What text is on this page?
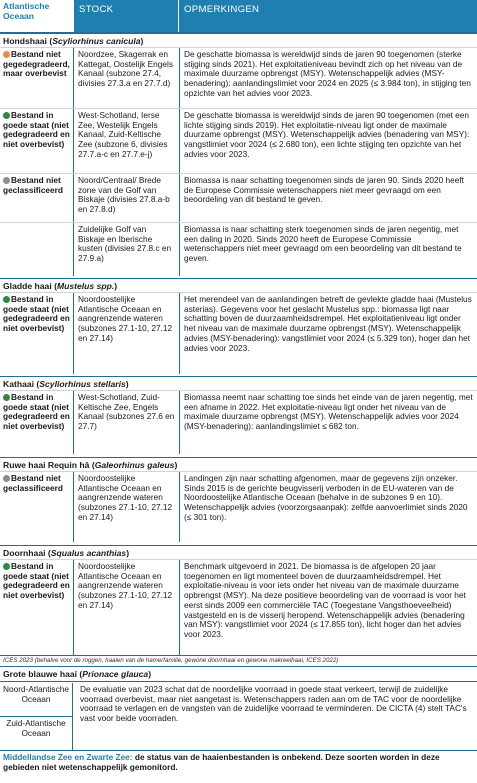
Atlantische Oceaan
STOCK	OPMERKINGEN
Hondshaai (Scyliorhinus canicula)
Bestand niet gegedegradeerd, maar overbevist
Noordzee, Skagerrak en Kattegat, Oostelijk Engels Kanaal (subzone 27.4, divisies 27.3.a en 27.7.d)
De geschatte biomassa is wereldwijd sinds de jaren 90 toegenomen (sterke stijging sinds 2021). Het exploitatieniveau bevindt zich op het niveau van de maximale duurzame opbrengst (MSY). Wetenschappelijk advies (MSY-benadering): aanlandingslimiet voor 2024 en 2025 (≤ 3.984 ton), in stijging ten opzichte van het advies voor 2023.
Bestand in goede staat (niet gedegradeerd en niet overbevist)
West-Schotland, Ierse Zee, Westelijk Engels Kanaal, Zuid-Keltische Zee (subzone 6, divisies 27.7.a-c en 27.7.e-j)
De geschatte biomassa is wereldwijd sinds de jaren 90 toegenomen (met een lichte stijging sinds 2019). Het exploitatie-niveau ligt onder de maximale duurzame opbrengst (MSY). Wetenschappelijk advies (benadering van MSY): vangstlimiet voor 2024 (≤ 2.680 ton), een lichte stijging ten opzichte van het advies voor 2023.
Bestand niet geclassificeerd
Noord/Centraal/ Brede zone van de Golf van Biskaje (divisies 27.8.a-b en 27.8.d)
Biomassa is naar schatting toegenomen sinds de jaren 90. Sinds 2020 heeft de Europese Commissie wetenschappers niet meer gevraagd om een beoordeling van dit bestand te geven.
Zuidelijke Golf van Biskaje en Iberische kusten (divisies 27.8.c en 27.9.a)
Biomassa is naar schatting sterk toegenomen sinds de jaren negentig, met een daling in 2020. Sinds 2020 heeft de Europese Commissie wetenschappers niet meer gevraagd om een beoordeling van dit bestand te geven.
Gladde haai (Mustelus spp.)
Bestand in goede staat (niet gedegradeerd en niet overbevist)
Noordoostelijke Atlantische Oceaan en aangrenzende wateren (subzones 27.1-10, 27.12 en 27.14)
Het merendeel van de aanlandingen betreft de gevlekte gladde haai (Mustelus asterias). Gegevens voor het geslacht Mustelus spp.: biomassa ligt naar schatting boven de duurzaamheidsdrempel. Het exploitatieniveau ligt onder het niveau van de maximale duurzame opbrengst (MSY). Wetenschappelijk advies (MSY-benadering): vangstlimiet voor 2024 (≤ 5.329 ton), hoger dan het advies voor 2023.
Kathaai (Scyliorhinus stellaris)
Bestand in goede staat (niet gedegradeerd en niet overbevist)
West-Schotland, Zuid-Keltische Zee, Engels Kanaal (subzones 27.6 en 27.7)
Biomassa neemt naar schatting toe sinds het einde van de jaren negentig, met een afname in 2022. Het exploitatie-niveau ligt onder het niveau van de maximale duurzame opbrengst (MSY). Wetenschappelijk advies voor 2024 (MSY-benadering): aanlandingslimiet ≤ 682 ton.
Ruwe haai Requin hâ (Galeorhinus galeus)
Bestand niet geclassificeerd
Noordoostelijke Atlantische Oceaan en aangrenzende wateren (subzones 27.1-10, 27.12 en 27.14)
Landingen zijn naar schatting afgenomen, maar de gegevens zijn onzeker. Sinds 2015 is de gerichte beugvisserij verboden in de EU-wateren van de Noordoostelijke Atlantische Oceaan (behalve in de subzones 9 en 10). Wetenschappelijk advies (voorzorgsaanpak): zelfde aanvoerlimiet sinds 2020 (≤ 301 ton).
Doornhaai (Squalus acanthias)
Bestand in goede staat (niet gedegradeerd en niet overbevist)
Noordoostelijke Atlantische Oceaan en aangrenzende wateren (subzones 27.1-10, 27.12 en 27.14)
Benchmark uitgevoerd in 2021. De biomassa is de afgelopen 20 jaar toegenomen en ligt momenteel boven de duurzaamheidsdrempel. Het exploitatie-niveau is voor iets onder het niveau van de maximale duurzame opbrengst (MSY). Na deze positieve beoordeling van de voorraad is voor het eerst sinds 2009 een commerciële TAC (Toegestane Vangsthoeveelheid) vastgesteld en is de visserij heropend. Wetenschappelijk advies (benadering van MSY): vangstlimiet voor 2024 (≤ 17.855 ton), licht hoger dan het advies voor 2023.
ICES 2023 (behalve voor de roggen, haaien van de hamerfamilie, gewone doornhaai en gewone makreelhaai, ICES 2022)
Grote blauwe haai (Prionace glauca)
Noord-Atlantische Oceaan
Zuid-Atlantische Oceaan
De evaluatie van 2023 schat dat de noordelijke voorraad in goede staat verkeert, terwijl de zuidelijke voorraad overbevist, maar niet aangetast is. Wetenschappers raden aan om de TAC voor de noordelijke voorraad te verlagen en de vangsten van de zuidelijke voorraad te verminderen. De CICTA (4) stelt TAC's vast voor beide voorraden.
Middellandse Zee en Zwarte Zee: de status van de haaienbestanden is onbekend. Deze soorten worden in deze gebieden niet wetenschappelijk gemonitord.
